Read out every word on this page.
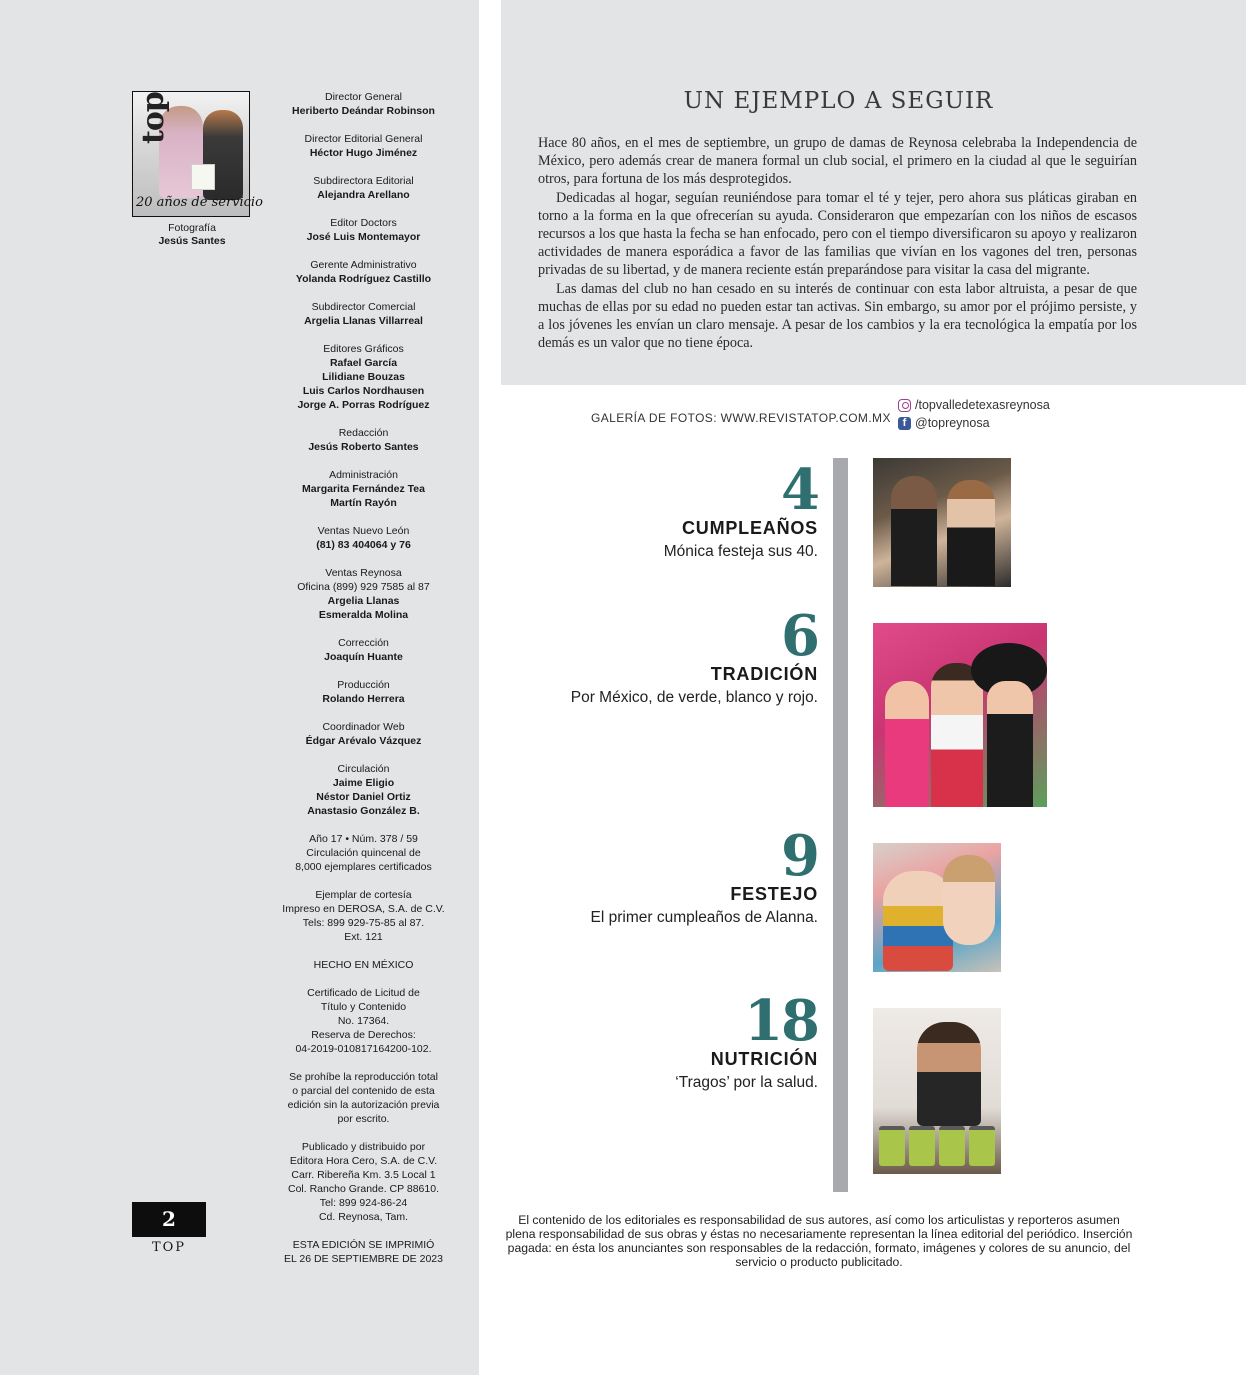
top
20 años de servicio
Fotografía
Jesús Santes
Director General
Heriberto Deándar Robinson
Director Editorial General
Héctor Hugo Jiménez
Subdirectora Editorial
Alejandra Arellano
Editor Doctors
José Luis Montemayor
Gerente Administrativo
Yolanda Rodríguez Castillo
Subdirector Comercial
Argelia Llanas Villarreal
Editores Gráficos
Rafael García
Lilidiane Bouzas
Luis Carlos Nordhausen
Jorge A. Porras Rodríguez
Redacción
Jesús Roberto Santes
Administración
Margarita Fernández Tea
Martín Rayón
Ventas Nuevo León
(81) 83 404064 y 76
Ventas Reynosa
Oficina (899) 929 7585 al 87
Argelia Llanas
Esmeralda Molina
Corrección
Joaquín Huante
Producción
Rolando Herrera
Coordinador Web
Édgar Arévalo Vázquez
Circulación
Jaime Eligio
Néstor Daniel Ortiz
Anastasio González B.
Año 17 • Núm. 378 / 59
Circulación quincenal de
8,000 ejemplares certificados
Ejemplar de cortesía
Impreso en DEROSA, S.A. de C.V.
Tels: 899 929-75-85 al 87.
Ext. 121
HECHO EN MÉXICO
Certificado de Licitud de
Título y Contenido
No. 17364.
Reserva de Derechos:
04-2019-010817164200-102.
Se prohíbe la reproducción total
o parcial del contenido de esta
edición sin la autorización previa
por escrito.
Publicado y distribuido por
Editora Hora Cero, S.A. de C.V.
Carr. Ribereña Km. 3.5 Local 1
Col. Rancho Grande. CP 88610.
Tel: 899 924-86-24
Cd. Reynosa, Tam.
ESTA EDICIÓN SE IMPRIMIÓ
EL 26 DE SEPTIEMBRE DE 2023
2
TOP
UN EJEMPLO A SEGUIR

Hace 80 años, en el mes de septiembre, un grupo de damas de Reynosa celebraba la Independencia de México, pero además crear de manera formal un club social, el primero en la ciudad al que le seguirían otros, para fortuna de los más desprotegidos.

Dedicadas al hogar, seguían reuniéndose para tomar el té y tejer, pero ahora sus pláticas giraban en torno a la forma en la que ofrecerían su ayuda. Consideraron que empezarían con los niños de escasos recursos a los que hasta la fecha se han enfocado, pero con el tiempo diversificaron su apoyo y realizaron actividades de manera esporádica a favor de las familias que vivían en los vagones del tren, personas privadas de su libertad, y de manera reciente están preparándose para visitar la casa del migrante.

Las damas del club no han cesado en su interés de continuar con esta labor altruista, a pesar de que muchas de ellas por su edad no pueden estar tan activas. Sin embargo, su amor por el prójimo persiste, y a los jóvenes les envían un claro mensaje. A pesar de los cambios y la era tecnológica la empatía por los demás es un valor que no tiene época.

GALERÍA DE FOTOS: WWW.REVISTATOP.COM.MX
/topvalledetexasreynosa
f @topreynosa
4
CUMPLEAÑOS
Mónica festeja sus 40.
6
TRADICIÓN
Por México, de verde, blanco y rojo.
9
FESTEJO
El primer cumpleaños de Alanna.
18
NUTRICIÓN
‘Tragos’ por la salud.
El contenido de los editoriales es responsabilidad de sus autores, así como los articulistas y reporteros asumen plena responsabilidad de sus obras y éstas no necesariamente representan la línea editorial del periódico. Inserción pagada: en ésta los anunciantes son responsables de la redacción, formato, imágenes y colores de su anuncio, del servicio o producto publicitado.
